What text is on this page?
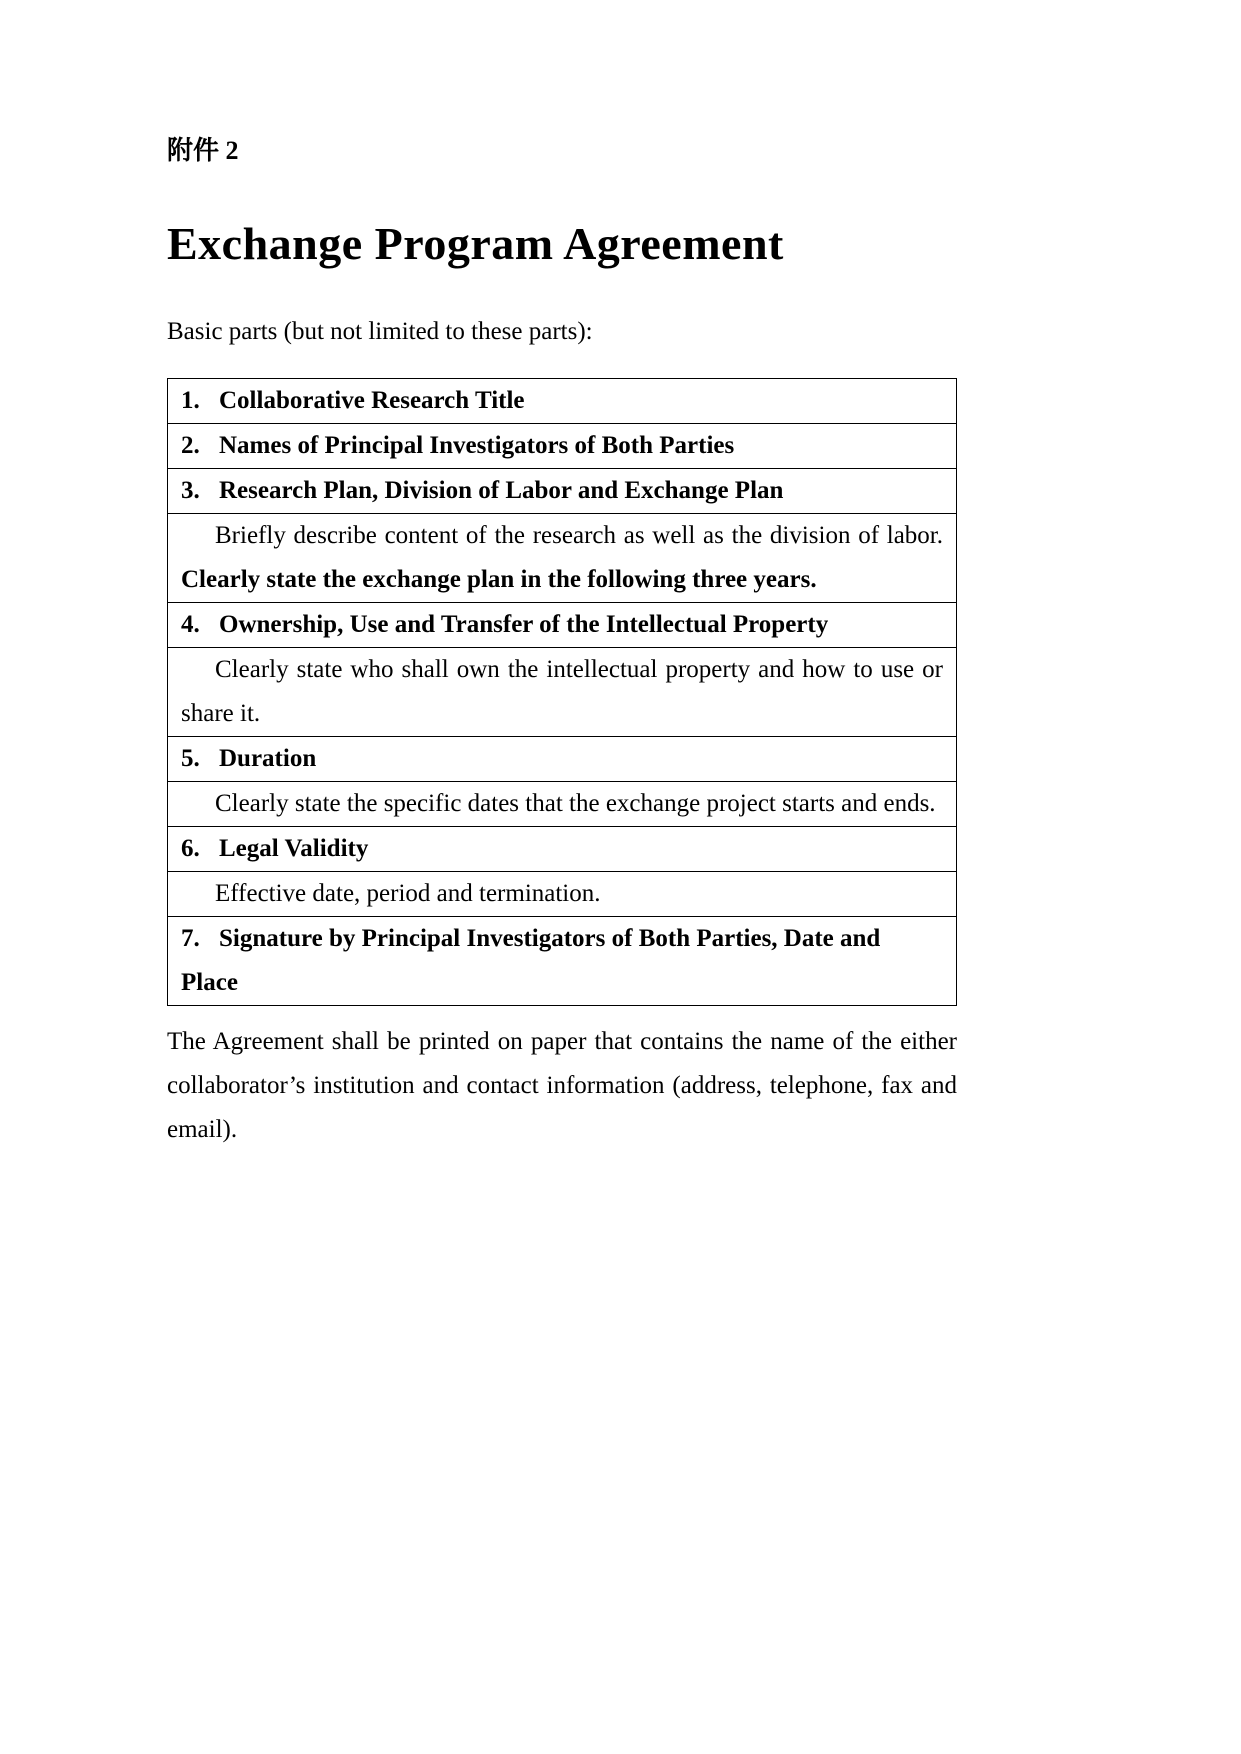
附件 2
Exchange Program Agreement

Basic parts (but not limited to these parts):

1. Collaborative Research Title
2. Names of Principal Investigators of Both Parties
3. Research Plan, Division of Labor and Exchange Plan
Briefly describe content of the research as well as the division of labor. Clearly state the exchange plan in the following three years.
4. Ownership, Use and Transfer of the Intellectual Property
Clearly state who shall own the intellectual property and how to use or share it.
5. Duration
Clearly state the specific dates that the exchange project starts and ends.
6. Legal Validity
Effective date, period and termination.
7. Signature by Principal Investigators of Both Parties, Date and Place

The Agreement shall be printed on paper that contains the name of the either collaborator’s institution and contact information (address, telephone, fax and email).
